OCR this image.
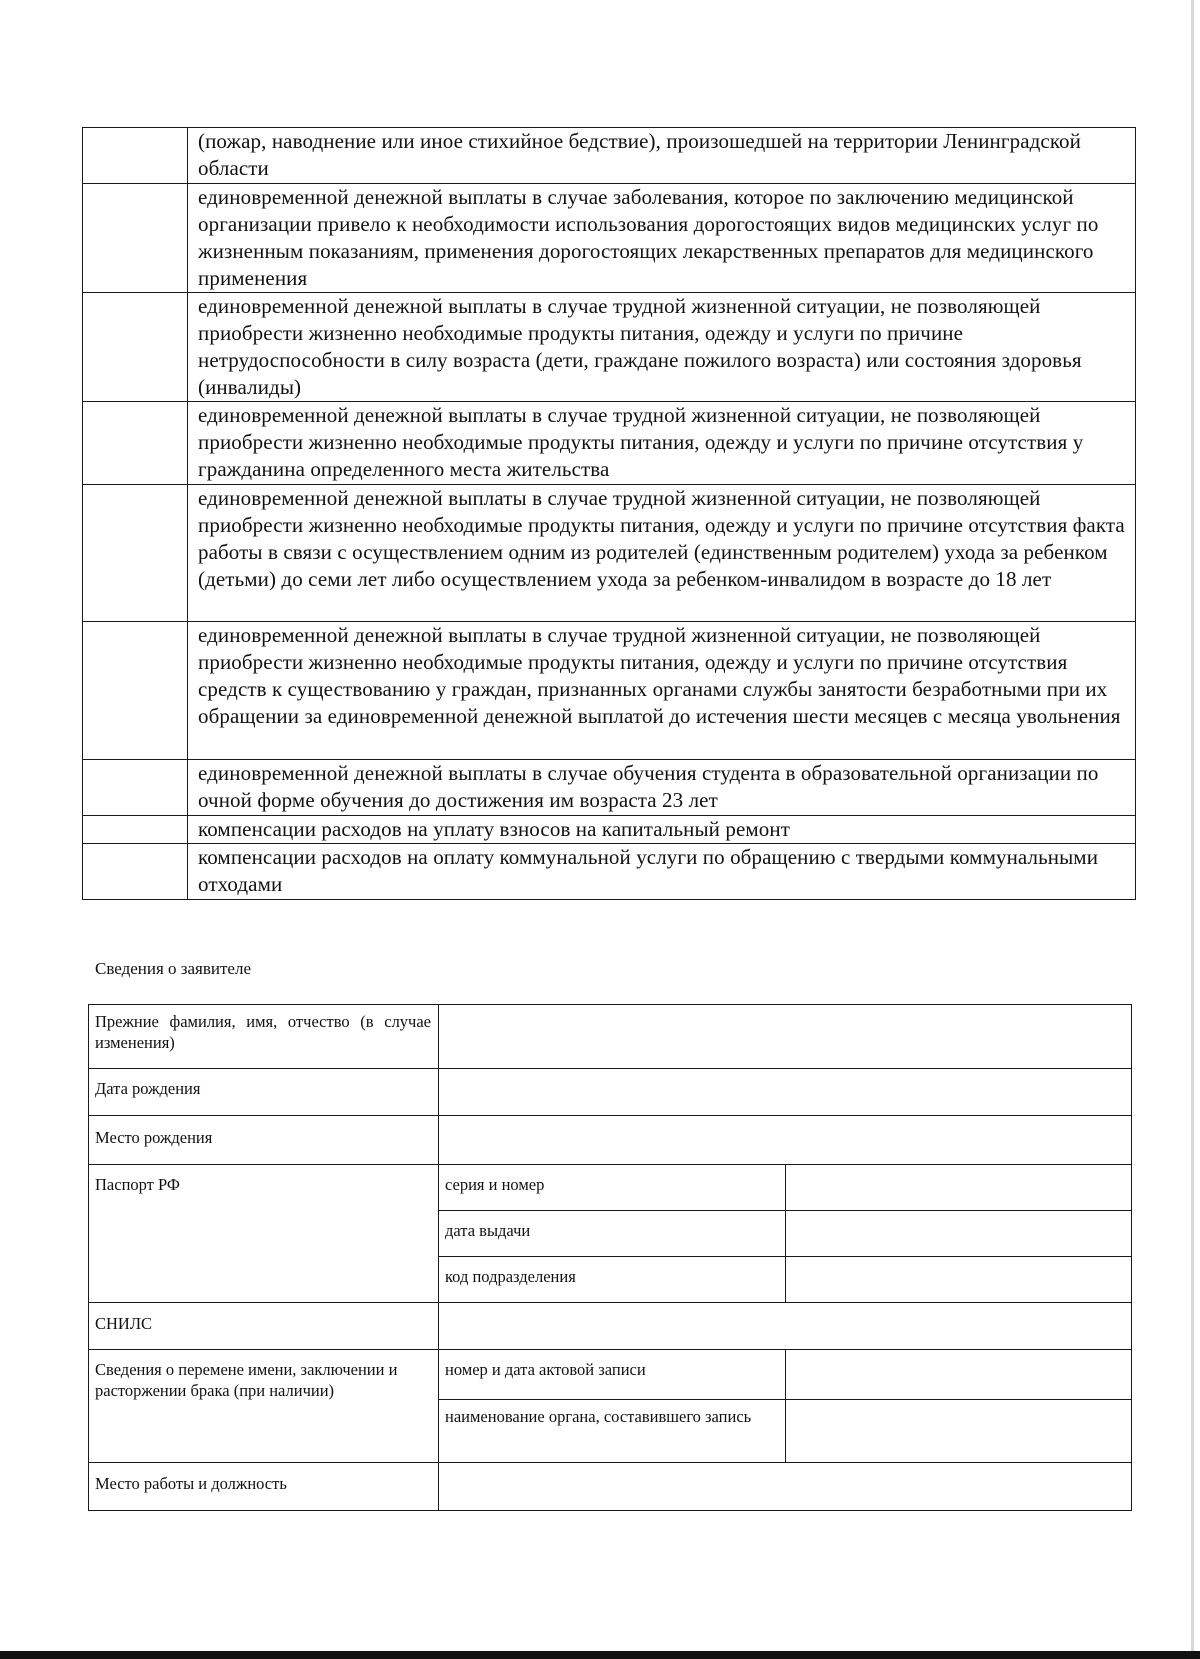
	(пожар, наводнение или иное стихийное бедствие), произошедшей на территории Ленинградской области
	единовременной денежной выплаты в случае заболевания, которое по заключению медицинской организации привело к необходимости использования дорогостоящих видов медицинских услуг по жизненным показаниям, применения дорогостоящих лекарственных препаратов для медицинского применения
	единовременной денежной выплаты в случае трудной жизненной ситуации, не позволяющей приобрести жизненно необходимые продукты питания, одежду и услуги по причине нетрудоспособности в силу возраста (дети, граждане пожилого возраста) или состояния здоровья (инвалиды)
	единовременной денежной выплаты в случае трудной жизненной ситуации, не позволяющей приобрести жизненно необходимые продукты питания, одежду и услуги по причине отсутствия у гражданина определенного места жительства
	единовременной денежной выплаты в случае трудной жизненной ситуации, не позволяющей приобрести жизненно необходимые продукты питания, одежду и услуги по причине отсутствия факта работы в связи с осуществлением одним из родителей (единственным родителем) ухода за ребенком (детьми) до семи лет либо осуществлением ухода за ребенком-инвалидом в возрасте до 18 лет
	единовременной денежной выплаты в случае трудной жизненной ситуации, не позволяющей приобрести жизненно необходимые продукты питания, одежду и услуги по причине отсутствия средств к существованию у граждан, признанных органами службы занятости безработными при их обращении за единовременной денежной выплатой до истечения шести месяцев с месяца увольнения
	единовременной денежной выплаты в случае обучения студента в образовательной организации по очной форме обучения до достижения им возраста 23 лет
	компенсации расходов на уплату взносов на капитальный ремонт
	компенсации расходов на оплату коммунальной услуги по обращению с твердыми коммунальными отходами
Сведения о заявителе
Прежние фамилия, имя, отчество (в случае изменения)		
Дата рождения		
Место рождения		
Паспорт РФ	серия и номер	
	дата выдачи	
	код подразделения	
СНИЛС		
Сведения о перемене имени, заключении и расторжении брака (при наличии)	номер и дата актовой записи	
	наименование органа, составившего запись	
Место работы и должность		
